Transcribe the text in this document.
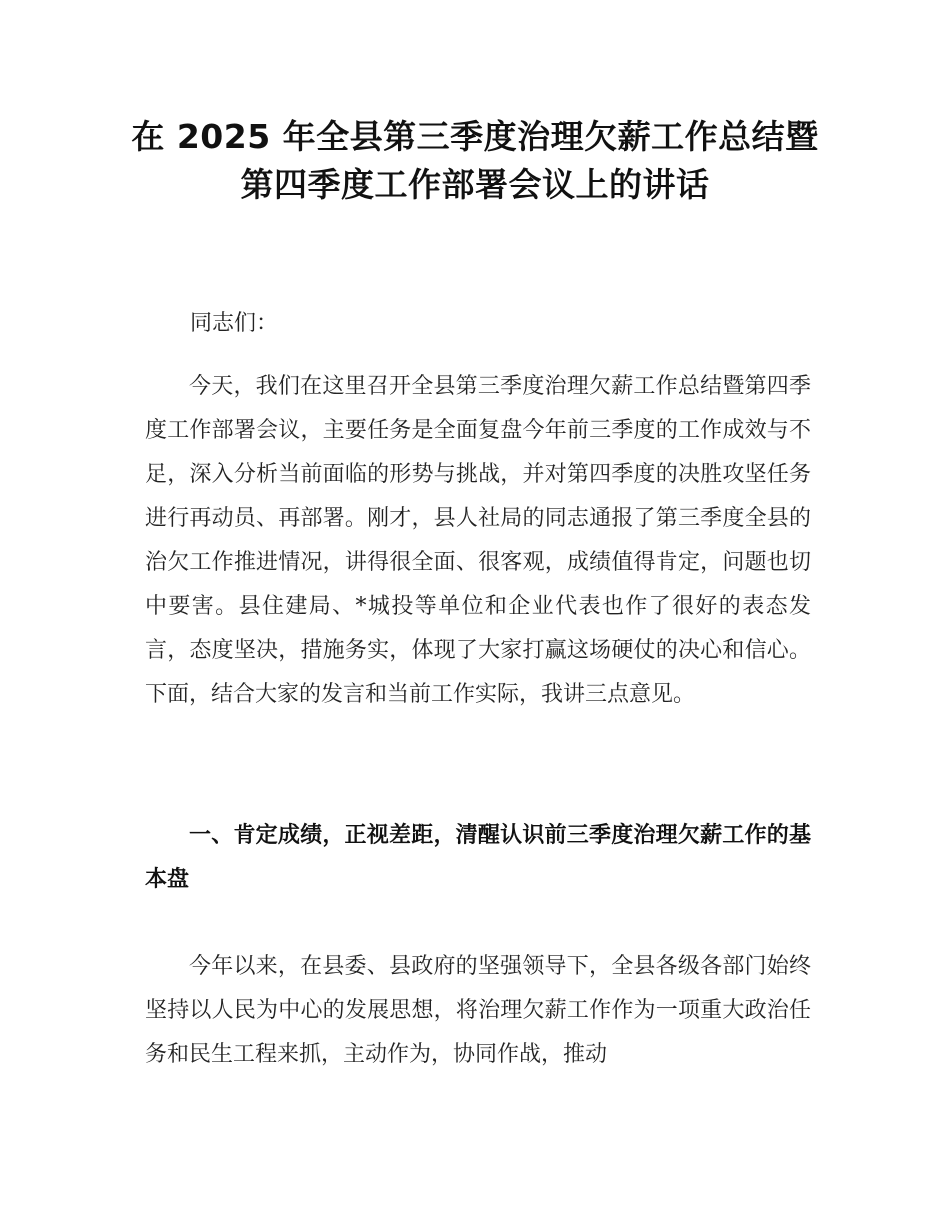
在 2025 年全县第三季度治理欠薪工作总结暨
第四季度工作部署会议上的讲话
同志们：
今天，我们在这里召开全县第三季度治理欠薪工作总结暨第四季度工作部署会议，主要任务是全面复盘今年前三季度的工作成效与不足，深入分析当前面临的形势与挑战，并对第四季度的决胜攻坚任务进行再动员、再部署。刚才，县人社局的同志通报了第三季度全县的治欠工作推进情况，讲得很全面、很客观，成绩值得肯定，问题也切中要害。县住建局、*城投等单位和企业代表也作了很好的表态发言，态度坚决，措施务实，体现了大家打赢这场硬仗的决心和信心。下面，结合大家的发言和当前工作实际，我讲三点意见。
一、肯定成绩，正视差距，清醒认识前三季度治理欠薪工作的基本盘
今年以来，在县委、县政府的坚强领导下，全县各级各部门始终坚持以人民为中心的发展思想，将治理欠薪工作作为一项重大政治任务和民生工程来抓，主动作为，协同作战，推动
